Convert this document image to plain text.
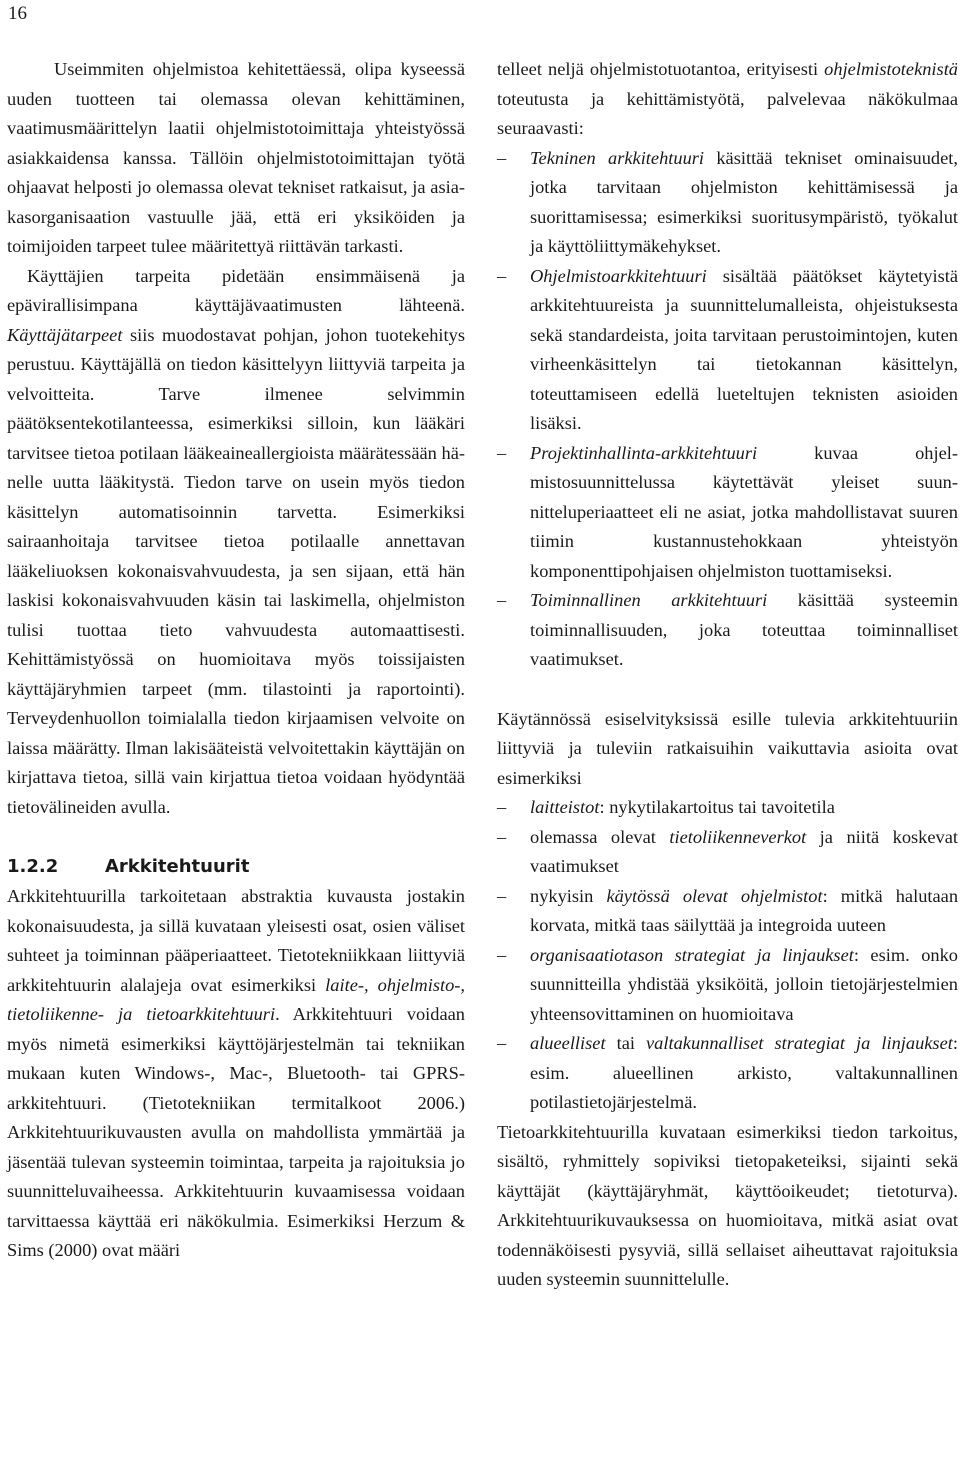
16

Useimmiten ohjelmistoa kehitettäessä, olipa kyseessä uuden tuotteen tai olemassa olevan kehittäminen, vaatimusmäärittelyn laatii ohjelmistotoimittaja yhteistyössä asiakkaidensa kanssa. Tällöin ohjelmistotoimittajan työtä ohjaavat helposti jo olemassa olevat tekniset ratkaisut, ja asiakasorganisaation vastuulle jää, että eri yksiköiden ja toimijoiden tarpeet tulee määritettyä riittävän tarkasti.

Käyttäjien tarpeita pidetään ensimmäisenä ja epävirallisimpana käyttäjävaatimusten lähteenä. Käyttäjätarpeet siis muodostavat pohjan, johon tuotekehitys perustuu. Käyttäjällä on tiedon käsittelyyn liittyviä tarpeita ja velvoitteita. Tarve ilmenee selvimmin päätöksentekotilanteessa, esimerkiksi silloin, kun lääkäri tarvitsee tietoa potilaan lääkeaineallergioista määrätessään hänelle uutta lääkitystä. Tiedon tarve on usein myös tiedon käsittelyn automatisoinnin tarvetta. Esimerkiksi sairaanhoitaja tarvitsee tietoa potilaalle annettavan lääkeliuoksen kokonaisvahvuudesta, ja sen sijaan, että hän laskisi kokonaisvahvuuden käsin tai laskimella, ohjelmiston tulisi tuottaa tieto vahvuudesta automaattisesti. Kehittämistyössä on huomioitava myös toissijaisten käyttäjäryhmien tarpeet (mm. tilastointi ja raportointi). Terveydenhuollon toimialalla tiedon kirjaamisen velvoite on laissa määrätty. Ilman lakisääteistä velvoitettakin käyttäjän on kirjattava tietoa, sillä vain kirjattua tietoa voidaan hyödyntää tietovälineiden avulla.

1.2.2	Arkkitehtuurit

Arkkitehtuurilla tarkoitetaan abstraktia kuvausta jostakin kokonaisuudesta, ja sillä kuvataan yleisesti osat, osien väliset suhteet ja toiminnan pääperiaatteet. Tietotekniikkaan liittyviä arkkitehtuurin alalajeja ovat esimerkiksi laite-, ohjelmisto-, tietoliikenne- ja tietoarkkitehtuuri. Arkkitehtuuri voidaan myös nimetä esimerkiksi käyttöjärjestelmän tai tekniikan mukaan kuten Windows-, Mac-, Bluetooth- tai GPRS-arkkitehtuuri. (Tietotekniikan termitalkoot 2006.) Arkkitehtuurikuvausten avulla on mahdollista ymmärtää ja jäsentää tulevan systeemin toimintaa, tarpeita ja rajoituksia jo suunnitteluvaiheessa. Arkkitehtuurin kuvaamisessa voidaan tarvittaessa käyttää eri näkökulmia. Esimerkiksi Herzum & Sims (2000) ovat määri

telleet neljä ohjelmistotuotantoa, erityisesti ohjelmistoteknistä toteutusta ja kehittämistyötä, palvelevaa näkökulmaa seuraavasti:

– Tekninen arkkitehtuuri käsittää tekniset ominaisuudet, jotka tarvitaan ohjelmiston kehittämisessä ja suorittamisessa; esimerkiksi suoritusympäristö, työkalut ja käyttöliittymäkehykset.
– Ohjelmistoarkkitehtuuri sisältää päätökset käytetyistä arkkitehtuureista ja suunnittelumalleista, ohjeistuksesta sekä standardeista, joita tarvitaan perustoimintojen, kuten virheenkäsittelyn tai tietokannan käsittelyn, toteuttamiseen edellä lueteltujen teknisten asioiden lisäksi.
– Projektinhallinta-arkkitehtuuri kuvaa ohjelmistosuunnittelussa käytettävät yleiset suunnitteluperiaatteet eli ne asiat, jotka mahdollistavat suuren tiimin kustannustehokkaan yhteistyön komponenttipohjaisen ohjelmiston tuottamiseksi.
– Toiminnallinen arkkitehtuuri käsittää systeemin toiminnallisuuden, joka toteuttaa toiminnalliset vaatimukset.

Käytännössä esiselvityksissä esille tulevia arkkitehtuuriin liittyviä ja tuleviin ratkaisuihin vaikuttavia asioita ovat esimerkiksi

– laitteistot: nykytilakartoitus tai tavoitetila
– olemassa olevat tietoliikenneverkot ja niitä koskevat vaatimukset
– nykyisin käytössä olevat ohjelmistot: mitkä halutaan korvata, mitkä taas säilyttää ja integroida uuteen
– organisaatiotason strategiat ja linjaukset: esim. onko suunnitteilla yhdistää yksiköitä, jolloin tietojärjestelmien yhteensovittaminen on huomioitava
– alueelliset tai valtakunnalliset strategiat ja linjaukset: esim. alueellinen arkisto, valtakunnallinen potilastietojärjestelmä.

Tietoarkkitehtuurilla kuvataan esimerkiksi tiedon tarkoitus, sisältö, ryhmittely sopiviksi tietopaketeiksi, sijainti sekä käyttäjät (käyttäjäryhmät, käyttöoikeudet; tietoturva). Arkkitehtuurikuvauksessa on huomioitava, mitkä asiat ovat todennäköisesti pysyviä, sillä sellaiset aiheuttavat rajoituksia uuden systeemin suunnittelulle.
